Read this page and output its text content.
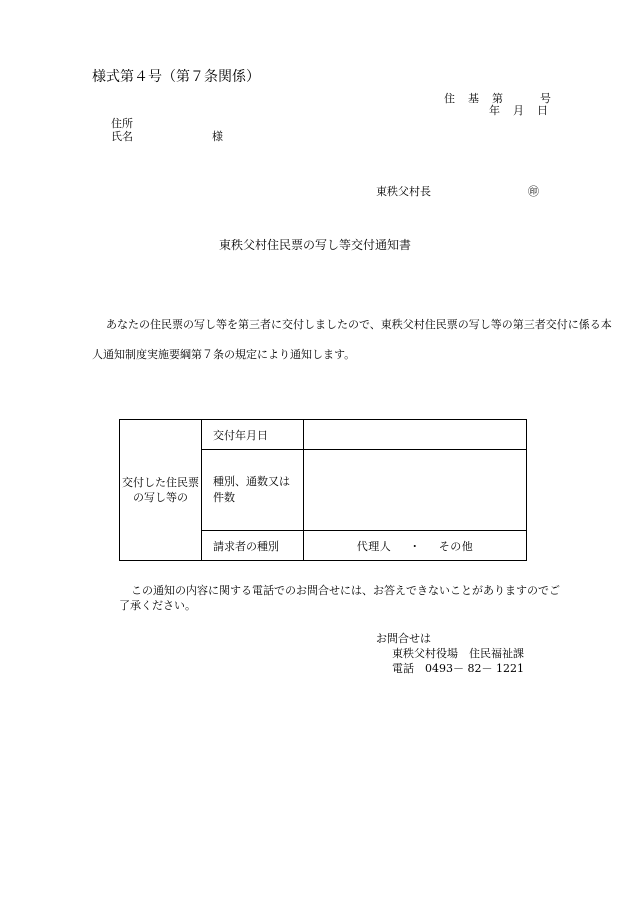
様式第４号（第７条関係）
住　基　第　　　号
年　月　日
住所
氏名	様
東秩父村長	㊞
東秩父村住民票の写し等交付通知書
あなたの住民票の写し等を第三者に交付しましたので、東秩父村住民票の写し等の第三者交付に係る本
人通知制度実施要綱第７条の規定により通知します。
交付した住民票
の写し等の	交付年月日	

	種別、通数又は件数	

	請求者の種別	代理人 ・ その他
この通知の内容に関する電話でのお問合せには、お答えできないことがありますのでご
了承ください。
お問合せは
東秩父村役場　住民福祉課
電話　0493－ 82－ 1221
